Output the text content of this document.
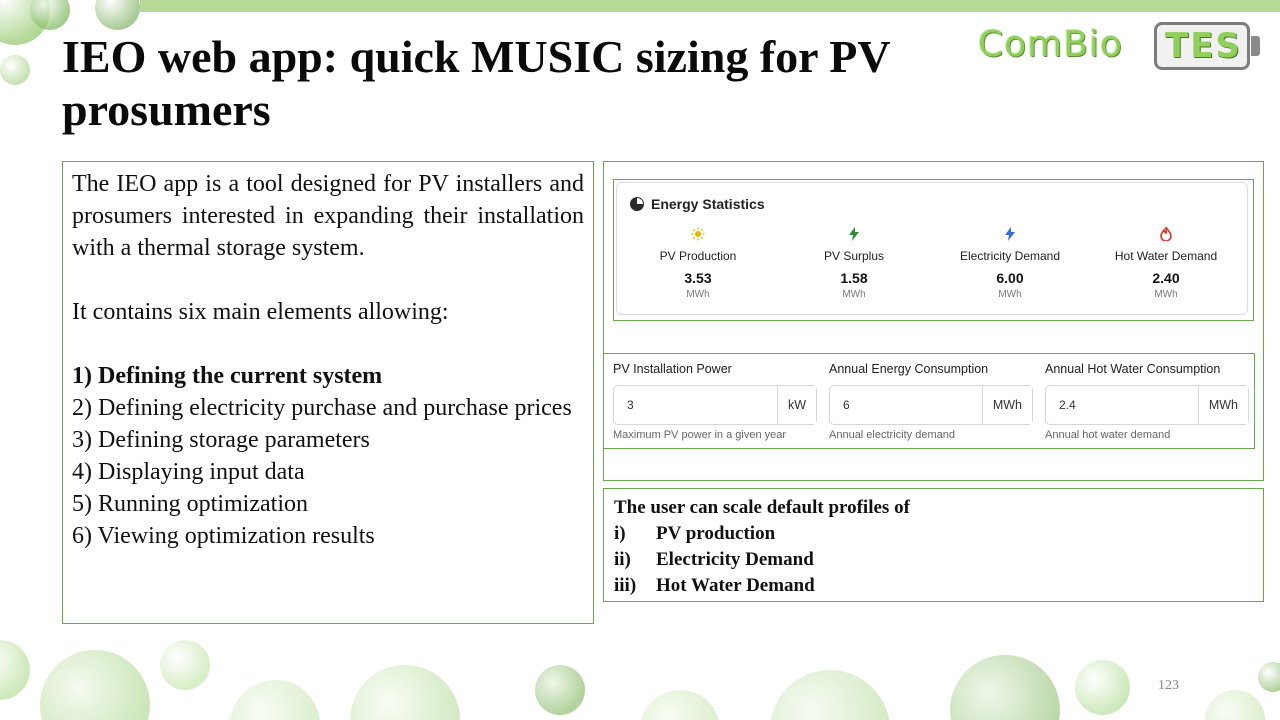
IEO web app: quick MUSIC sizing for PV prosumers
ComBio TES
The IEO app is a tool designed for PV installers and prosumers interested in expanding their installation with a thermal storage system.
It contains six main elements allowing:
1) Defining the current system
2) Defining electricity purchase and purchase prices
3) Defining storage parameters
4) Displaying input data
5) Running optimization
6) Viewing optimization results
Energy Statistics
PV Production
3.53
MWh
PV Surplus
1.58
MWh
Electricity Demand
6.00
MWh
Hot Water Demand
2.40
MWh
PV Installation Power
3	kW
Maximum PV power in a given year
Annual Energy Consumption
6	MWh
Annual electricity demand
Annual Hot Water Consumption
2.4	MWh
Annual hot water demand
The user can scale default profiles of
i)	PV production
ii)	Electricity Demand
iii)	Hot Water Demand
123
